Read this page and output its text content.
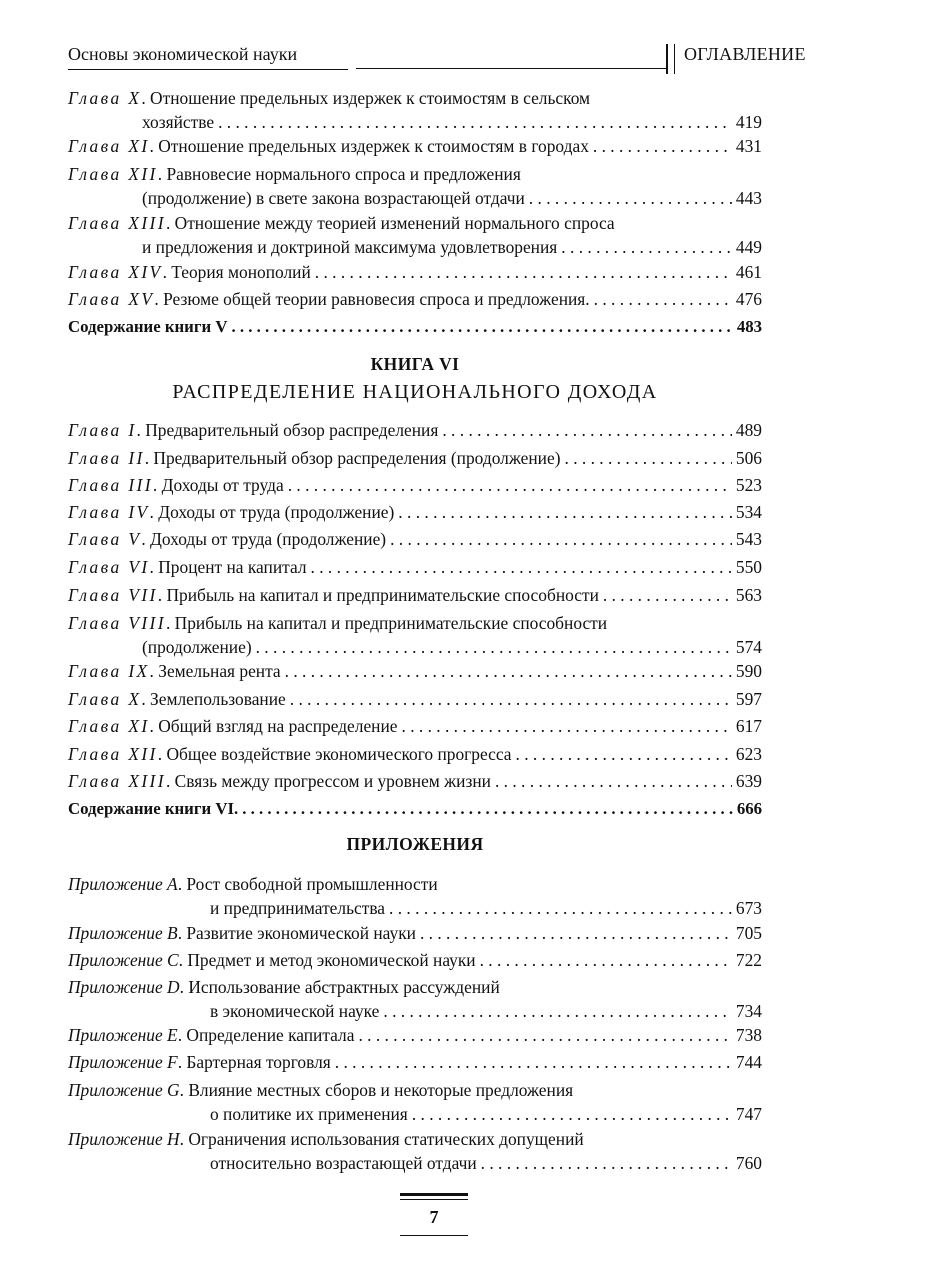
Основы экономической науки	ОГЛАВЛЕНИЕ
КНИГА VI
РАСПРЕДЕЛЕНИЕ НАЦИОНАЛЬНОГО ДОХОДА
ПРИЛОЖЕНИЯ
Глава X . Отношение предельных издержек к стоимостям в сельском
хозяйстве . . .	419
Глава XI . Отношение предельных издержек к стоимостям в городах . . .	431
Глава XII . Равновесие нормального спроса и предложения
(продолжение) в свете закона возрастающей отдачи . . .	443
Глава XIII . Отношение между теорией изменений нормального спроса
и предложения и доктриной максимума удовлетворения . . .	449
Глава XIV . Теория монополий . . .	461
Глава XV . Резюме общей теории равновесия спроса и предложения. . . .	476
Содержание книги V . . .	483
Глава I . Предварительный обзор распределения . . .	489
Глава II . Предварительный обзор распределения (продолжение) . . .	506
Глава III . Доходы от труда . . .	523
Глава IV . Доходы от труда (продолжение) . . .	534
Глава V . Доходы от труда (продолжение) . . .	543
Глава VI . Процент на капитал . . .	550
Глава VII . Прибыль на капитал и предпринимательские способности . . .	563
Глава VIII . Прибыль на капитал и предпринимательские способности
(продолжение) . . .	574
Глава IX . Земельная рента . . .	590
Глава X . Землепользование . . .	597
Глава XI . Общий взгляд на распределение . . .	617
Глава XII . Общее воздействие экономического прогресса . . .	623
Глава XIII . Связь между прогрессом и уровнем жизни . . .	639
Содержание книги VI. . . .	666
Приложение A . Рост свободной промышленности
и предпринимательства . . .	673
Приложение B . Развитие экономической науки . . .	705
Приложение C . Предмет и метод экономической науки . . .	722
Приложение D . Использование абстрактных рассуждений
в экономической науке . . .	734
Приложение E . Определение капитала . . .	738
Приложение F . Бартерная торговля . . .	744
Приложение G . Влияние местных сборов и некоторые предложения
о политике их применения . . .	747
Приложение H . Ограничения использования статических допущений
относительно возрастающей отдачи . . .	760
7
